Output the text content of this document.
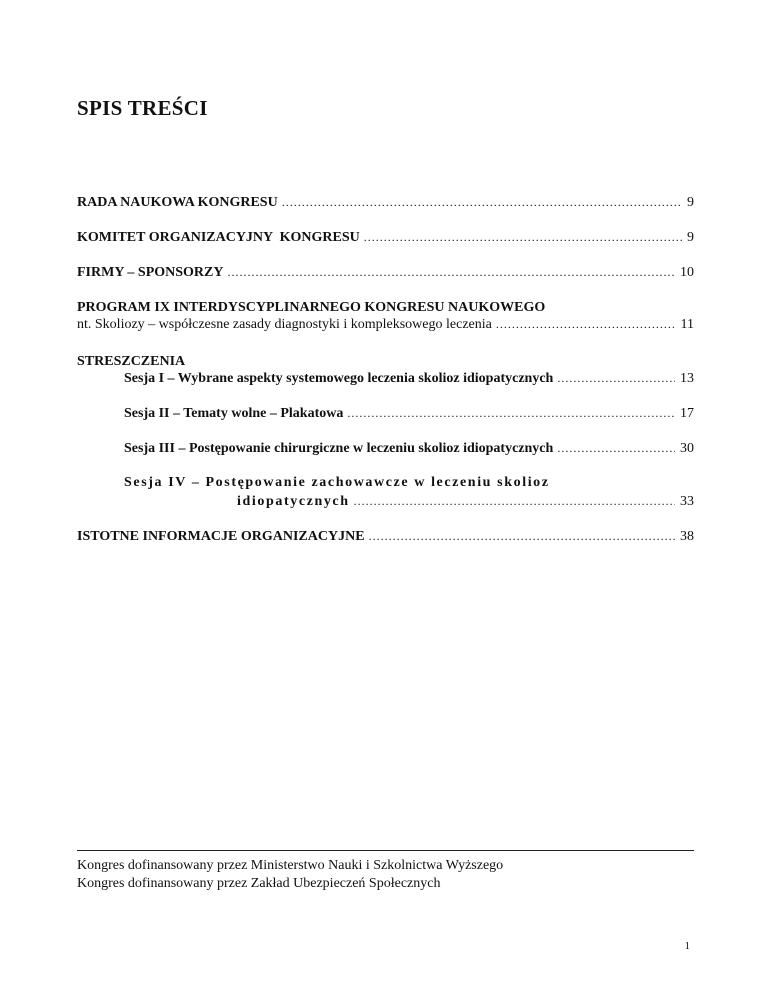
SPIS TREŚCI
RADA NAUKOWA KONGRESU .....	9
KOMITET ORGANIZACYJNY  KONGRESU .....	9
FIRMY – SPONSORZY .....	10
PROGRAM IX INTERDYSCYPLINARNEGO KONGRESU NAUKOWEGO
nt. Skoliozy – współczesne zasady diagnostyki i kompleksowego leczenia .....	11
STRESZCZENIA
Sesja I – Wybrane aspekty systemowego leczenia skolioz idiopatycznych .....	13
Sesja II – Tematy wolne – Plakatowa .....	17
Sesja III – Postępowanie chirurgiczne w leczeniu skolioz idiopatycznych .....	30
Sesja IV – Postępowanie zachowawcze w leczeniu skolioz
idiopatycznych .....	33
ISTOTNE INFORMACJE ORGANIZACYJNE .....	38
Kongres dofinansowany przez Ministerstwo Nauki i Szkolnictwa Wyższego
Kongres dofinansowany przez Zakład Ubezpieczeń Społecznych
1
